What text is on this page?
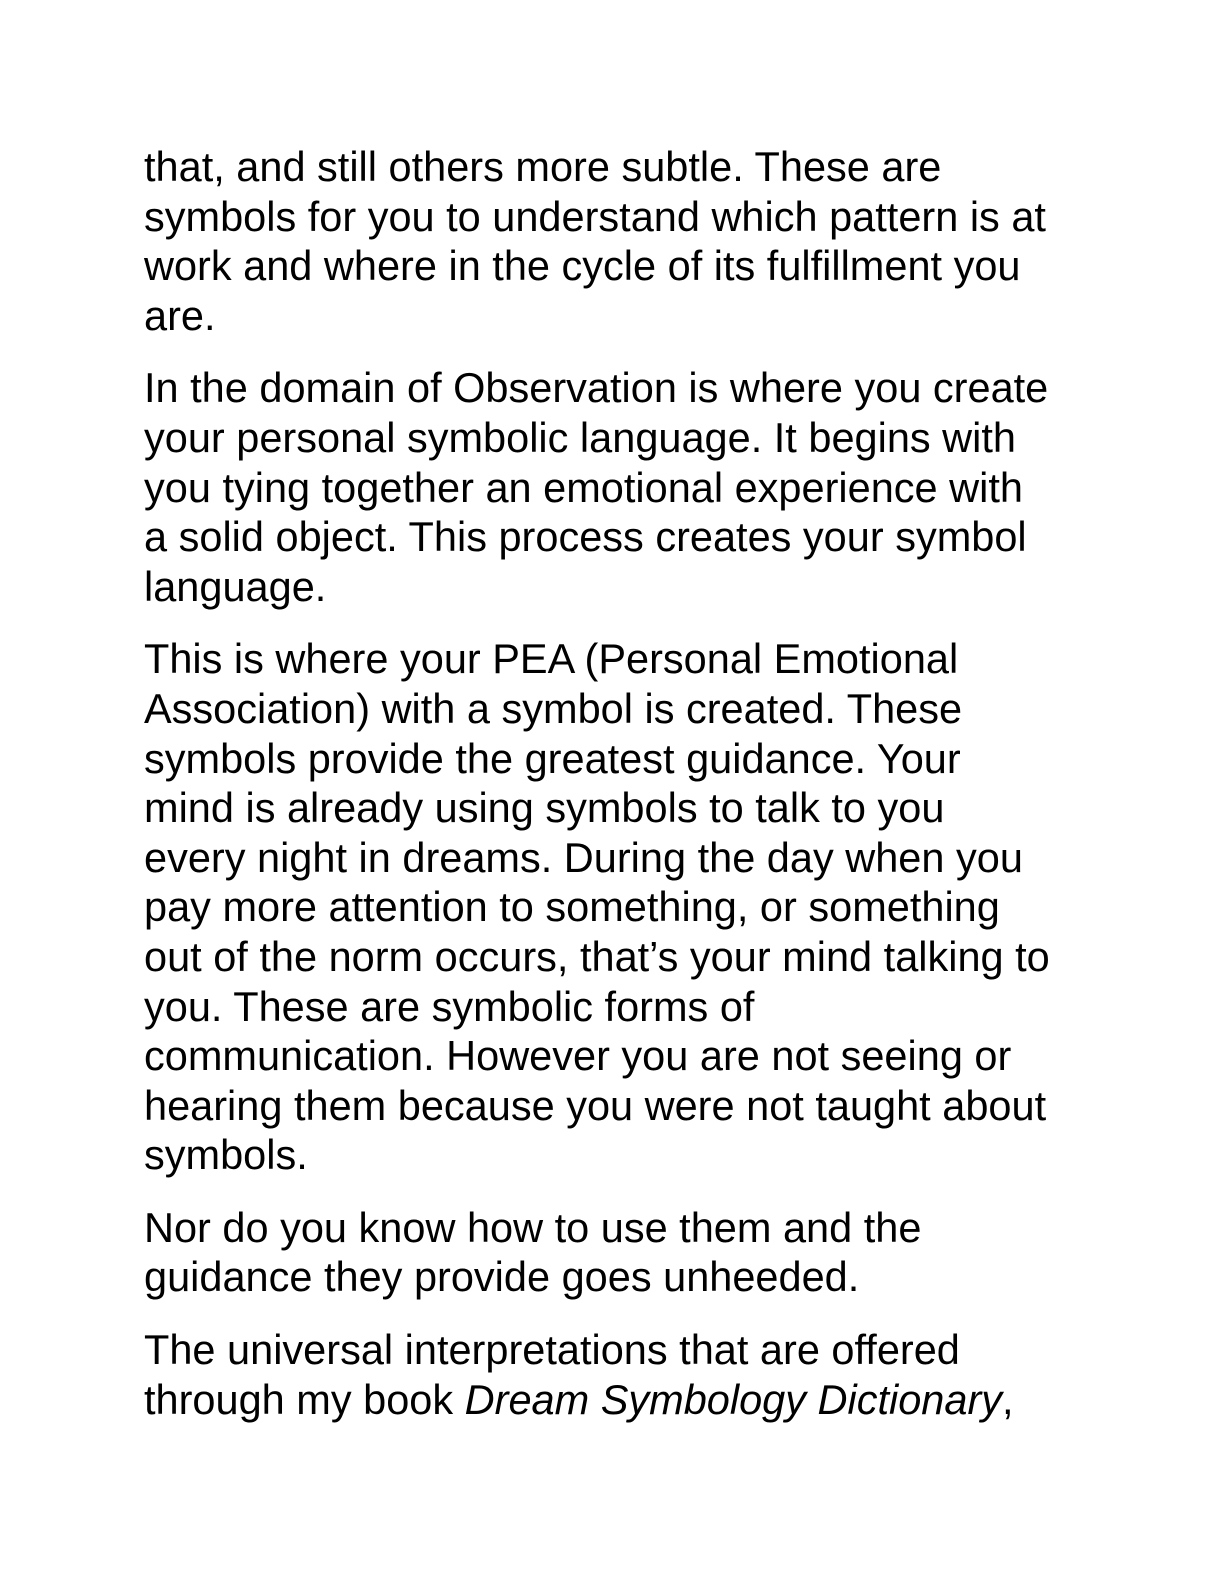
that, and still others more subtle. These are
symbols for you to understand which pattern is at
work and where in the cycle of its fulfillment you
are.

In the domain of Observation is where you create
your personal symbolic language. It begins with
you tying together an emotional experience with
a solid object. This process creates your symbol
language.

This is where your PEA (Personal Emotional
Association) with a symbol is created. These
symbols provide the greatest guidance. Your
mind is already using symbols to talk to you
every night in dreams. During the day when you
pay more attention to something, or something
out of the norm occurs, that’s your mind talking to
you. These are symbolic forms of
communication. However you are not seeing or
hearing them because you were not taught about
symbols.

Nor do you know how to use them and the
guidance they provide goes unheeded.

The universal interpretations that are offered
through my book Dream Symbology Dictionary,
